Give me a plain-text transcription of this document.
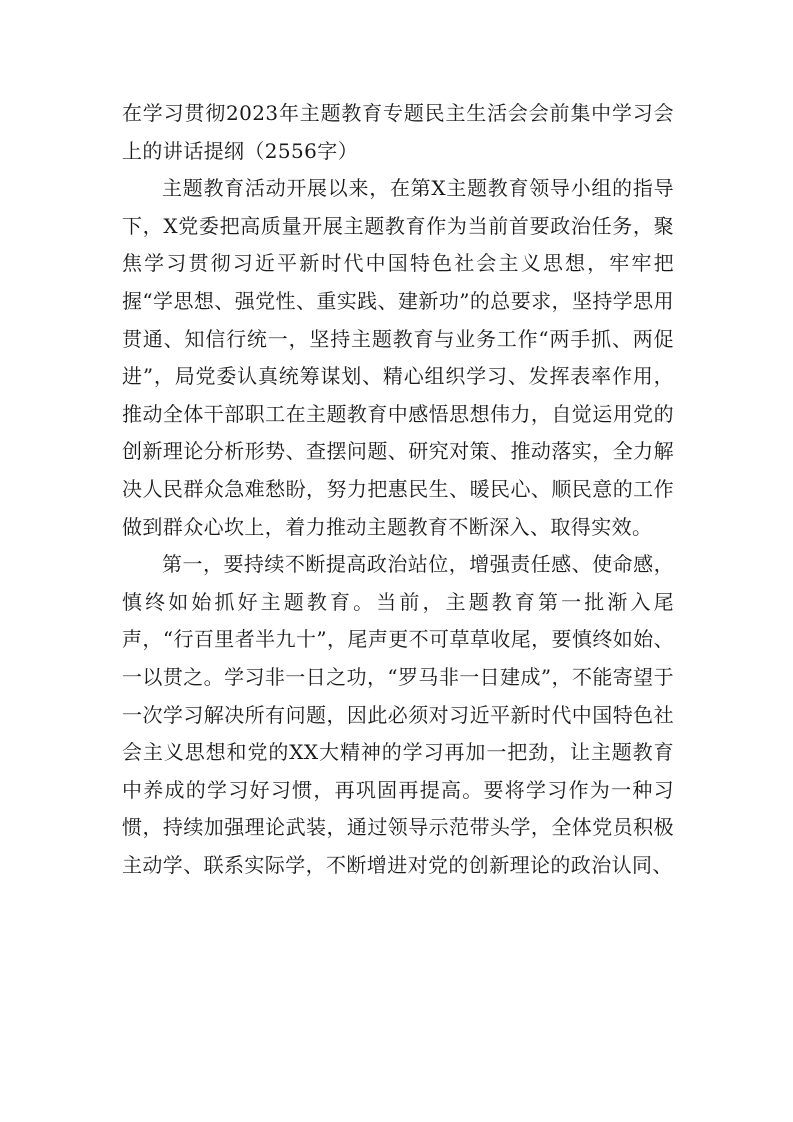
在学习贯彻2023年主题教育专题民主生活会会前集中学习会上的讲话提纲（2556字）

主题教育活动开展以来，在第X主题教育领导小组的指导下，X党委把高质量开展主题教育作为当前首要政治任务，聚焦学习贯彻习近平新时代中国特色社会主义思想，牢牢把握“学思想、强党性、重实践、建新功”的总要求，坚持学思用贯通、知信行统一，坚持主题教育与业务工作“两手抓、两促进”，局党委认真统筹谋划、精心组织学习、发挥表率作用，推动全体干部职工在主题教育中感悟思想伟力，自觉运用党的创新理论分析形势、查摆问题、研究对策、推动落实，全力解决人民群众急难愁盼，努力把惠民生、暖民心、顺民意的工作做到群众心坎上，着力推动主题教育不断深入、取得实效。

第一，要持续不断提高政治站位，增强责任感、使命感，慎终如始抓好主题教育。当前，主题教育第一批渐入尾声，“行百里者半九十”，尾声更不可草草收尾，要慎终如始、一以贯之。学习非一日之功，“罗马非一日建成”，不能寄望于一次学习解决所有问题，因此必须对习近平新时代中国特色社会主义思想和党的XX大精神的学习再加一把劲，让主题教育中养成的学习好习惯，再巩固再提高。要将学习作为一种习惯，持续加强理论武装，通过领导示范带头学，全体党员积极主动学、联系实际学，不断增进对党的创新理论的政治认同、
